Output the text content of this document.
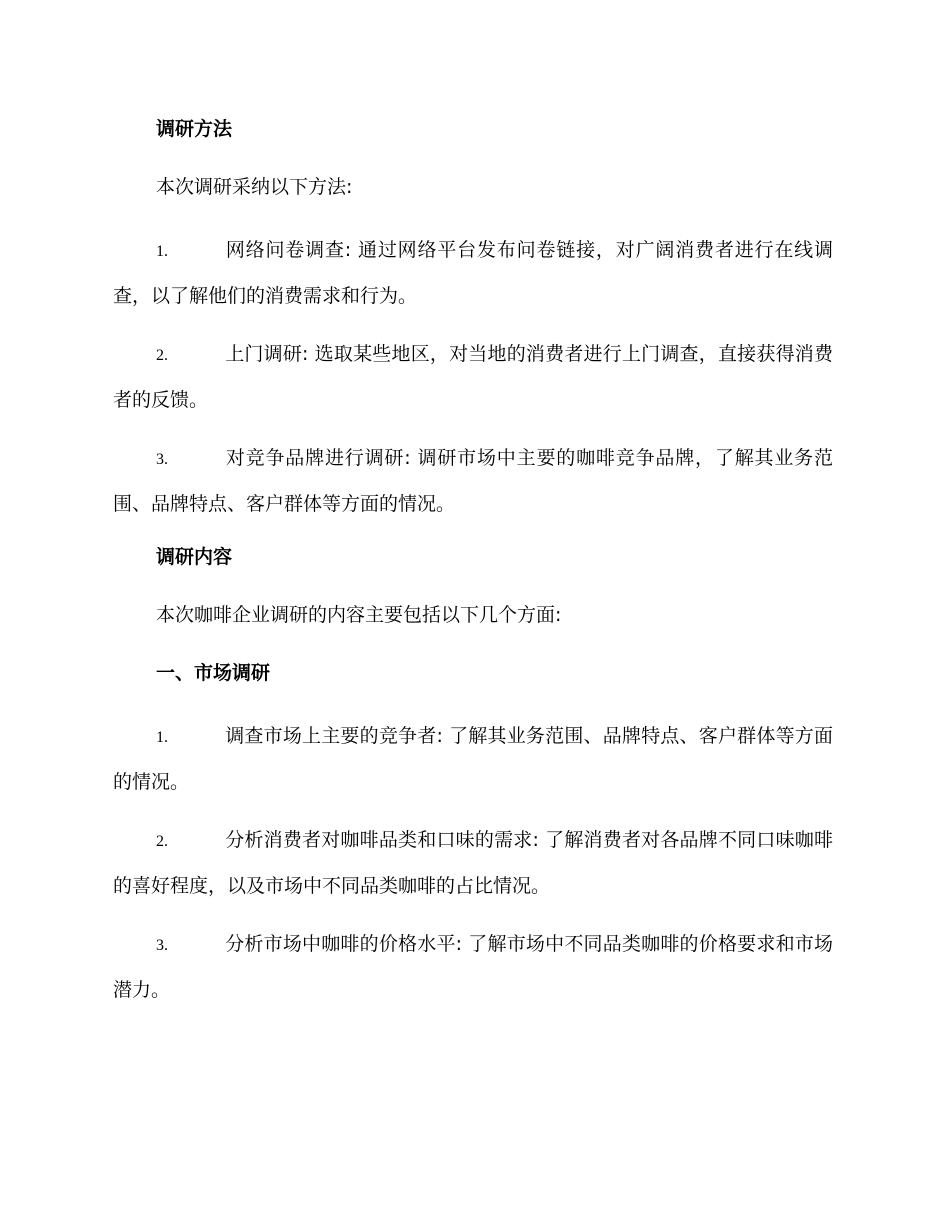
调研方法
本次调研采纳以下方法:
1.	网络问卷调查: 通过网络平台发布问卷链接，对广阔消费者进行在线调查，以了解他们的消费需求和行为。
2.	上门调研: 选取某些地区，对当地的消费者进行上门调查，直接获得消费者的反馈。
3.	对竞争品牌进行调研: 调研市场中主要的咖啡竞争品牌，了解其业务范围、品牌特点、客户群体等方面的情况。
调研内容
本次咖啡企业调研的内容主要包括以下几个方面:
一、市场调研
1.	调查市场上主要的竞争者: 了解其业务范围、品牌特点、客户群体等方面的情况。
2.	分析消费者对咖啡品类和口味的需求: 了解消费者对各品牌不同口味咖啡的喜好程度，以及市场中不同品类咖啡的占比情况。
3.	分析市场中咖啡的价格水平: 了解市场中不同品类咖啡的价格要求和市场潜力。
